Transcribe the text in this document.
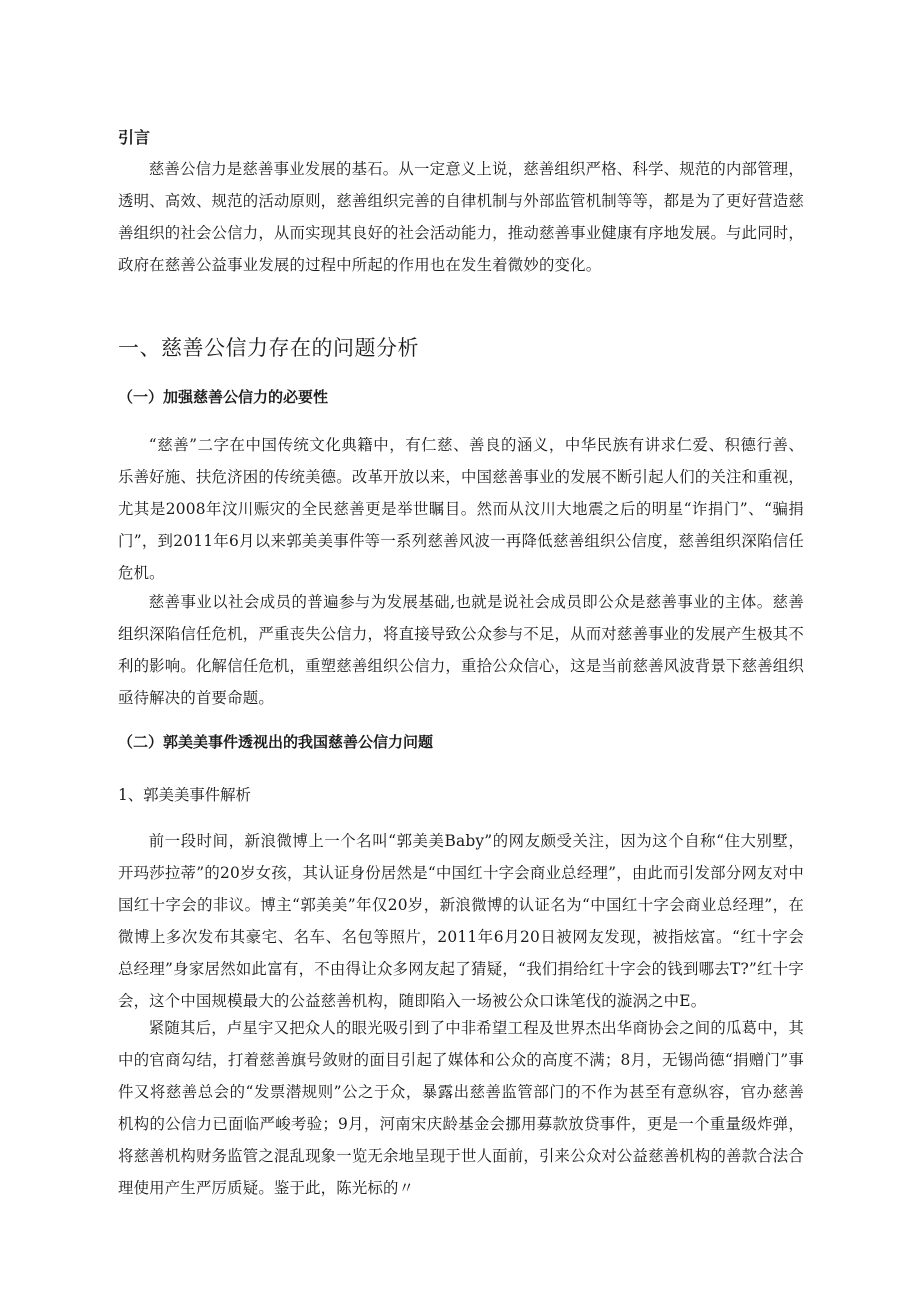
引言

慈善公信力是慈善事业发展的基石。从一定意义上说，慈善组织严格、科学、规范的内部管理，透明、高效、规范的活动原则，慈善组织完善的自律机制与外部监管机制等等，都是为了更好营造慈善组织的社会公信力，从而实现其良好的社会活动能力，推动慈善事业健康有序地发展。与此同时，政府在慈善公益事业发展的过程中所起的作用也在发生着微妙的变化。

一、慈善公信力存在的问题分析
（一）加强慈善公信力的必要性

“慈善”二字在中国传统文化典籍中，有仁慈、善良的涵义，中华民族有讲求仁爱、积德行善、乐善好施、扶危济困的传统美德。改革开放以来，中国慈善事业的发展不断引起人们的关注和重视，尤其是2008年汶川赈灾的全民慈善更是举世瞩目。然而从汶川大地震之后的明星“诈捐门”、“骗捐门”，到2011年6月以来郭美美事件等一系列慈善风波一再降低慈善组织公信度，慈善组织深陷信任危机。

慈善事业以社会成员的普遍参与为发展基础,也就是说社会成员即公众是慈善事业的主体。慈善组织深陷信任危机，严重丧失公信力，将直接导致公众参与不足，从而对慈善事业的发展产生极其不利的影响。化解信任危机，重塑慈善组织公信力，重拾公众信心，这是当前慈善风波背景下慈善组织亟待解决的首要命题。

（二）郭美美事件透视出的我国慈善公信力问题
1、郭美美事件解析

前一段时间，新浪微博上一个名叫“郭美美Baby”的网友颇受关注，因为这个自称“住大别墅，开玛莎拉蒂”的20岁女孩，其认证身份居然是“中国红十字会商业总经理”，由此而引发部分网友对中国红十字会的非议。博主“郭美美”年仅20岁，新浪微博的认证名为“中国红十字会商业总经理”，在微博上多次发布其豪宅、名车、名包等照片，2011年6月20日被网友发现，被指炫富。“红十字会总经理”身家居然如此富有，不由得让众多网友起了猜疑，“我们捐给红十字会的钱到哪去T?”红十字会，这个中国规模最大的公益慈善机构，随即陷入一场被公众口诛笔伐的漩涡之中E。

紧随其后，卢星宇又把众人的眼光吸引到了中非希望工程及世界杰出华商协会之间的瓜葛中，其中的官商勾结，打着慈善旗号敛财的面目引起了媒体和公众的高度不满；8月，无锡尚德“捐赠门”事件又将慈善总会的“发票潜规则”公之于众，暴露出慈善监管部门的不作为甚至有意纵容，官办慈善机构的公信力已面临严峻考验；9月，河南宋庆龄基金会挪用募款放贷事件，更是一个重量级炸弹，将慈善机构财务监管之混乱现象一览无余地呈现于世人面前，引来公众对公益慈善机构的善款合法合理使用产生严厉质疑。鉴于此，陈光标的〃
